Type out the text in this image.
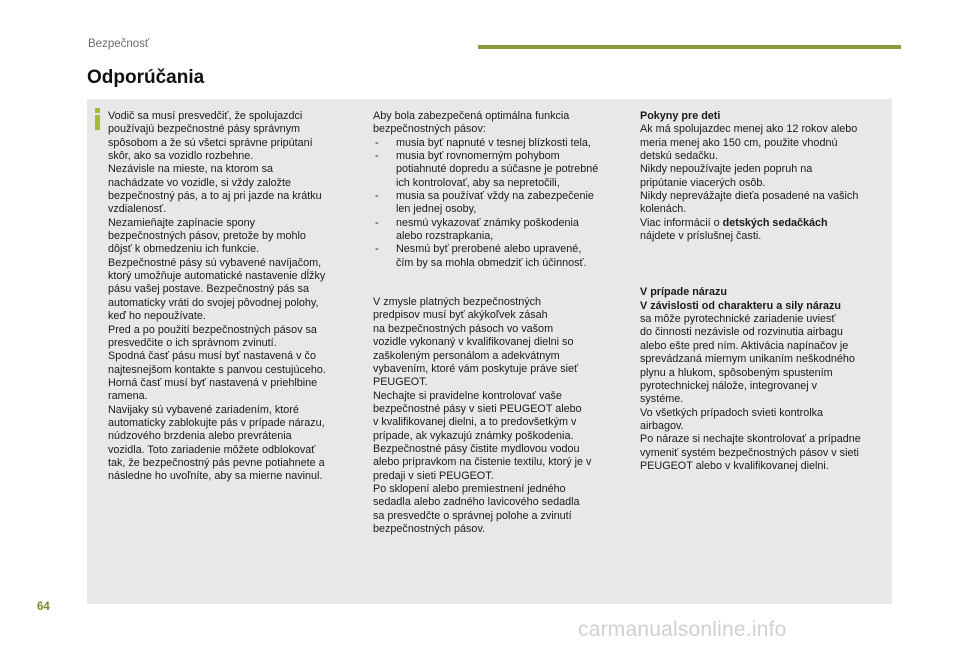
Bezpečnosť
Odporúčania

Vodič sa musí presvedčiť, že spolujazdci
používajú bezpečnostné pásy správnym
spôsobom a že sú všetci správne pripútaní
skôr, ako sa vozidlo rozbehne.
Nezávisle na mieste, na ktorom sa
nachádzate vo vozidle, si vždy založte
bezpečnostný pás, a to aj pri jazde na krátku
vzdialenosť.
Nezamieňajte zapínacie spony
bezpečnostných pásov, pretože by mohlo
dôjsť k obmedzeniu ich funkcie.
Bezpečnostné pásy sú vybavené navíjačom,
ktorý umožňuje automatické nastavenie dĺžky
pásu vašej postave. Bezpečnostný pás sa
automaticky vráti do svojej pôvodnej polohy,
keď ho nepoužívate.
Pred a po použití bezpečnostných pásov sa
presvedčite o ich správnom zvinutí.
Spodná časť pásu musí byť nastavená v čo
najtesnejšom kontakte s panvou cestujúceho.
Horná časť musí byť nastavená v priehlbine
ramena.
Navijaky sú vybavené zariadením, ktoré
automaticky zablokujte pás v prípade nárazu,
núdzového brzdenia alebo prevrátenia
vozidla. Toto zariadenie môžete odblokovať
tak, že bezpečnostný pás pevne potiahnete a
následne ho uvoľníte, aby sa mierne navinul.

Aby bola zabezpečená optimálna funkcia
bezpečnostných pásov:

- musia byť napnuté v tesnej blízkosti tela,
- musia byť rovnomerným pohybom
potiahnuté dopredu a súčasne je potrebné
ich kontrolovať, aby sa nepretočili,
- musia sa používať vždy na zabezpečenie
len jednej osoby,
- nesmú vykazovať známky poškodenia
alebo rozstrapkania,
- Nesmú byť prerobené alebo upravené,
čím by sa mohla obmedziť ich účinnosť.

V zmysle platných bezpečnostných
predpisov musí byť akýkoľvek zásah
na bezpečnostných pásoch vo vašom
vozidle vykonaný v kvalifikovanej dielni so
zaškoleným personálom a adekvátnym
vybavením, ktoré vám poskytuje práve sieť
PEUGEOT.
Nechajte si pravidelne kontrolovať vaše
bezpečnostné pásy v sieti PEUGEOT alebo
v kvalifikovanej dielni, a to predovšetkým v
prípade, ak vykazujú známky poškodenia.
Bezpečnostné pásy čistite mydlovou vodou
alebo prípravkom na čistenie textilu, ktorý je v
predaji v sieti PEUGEOT.
Po sklopení alebo premiestnení jedného
sedadla alebo zadného lavicového sedadla
sa presvedčte o správnej polohe a zvinutí
bezpečnostných pásov.

Pokyny pre deti

Ak má spolujazdec menej ako 12 rokov alebo
meria menej ako 150 cm, použite vhodnú
detskú sedačku.
Nikdy nepoužívajte jeden popruh na
pripútanie viacerých osôb.
Nikdy neprevážajte dieťa posadené na vašich
kolenách.
Viac informácií o detských sedačkách
nájdete v príslušnej časti.

V prípade nárazu

V závislosti od charakteru a sily nárazu

sa môže pyrotechnické zariadenie uviesť
do činnosti nezávisle od rozvinutia airbagu
alebo ešte pred ním. Aktivácia napínačov je
sprevádzaná miernym unikaním neškodného
plynu a hlukom, spôsobeným spustením
pyrotechnickej nálože, integrovanej v
systéme.
Vo všetkých prípadoch svieti kontrolka
airbagov.
Po náraze si nechajte skontrolovať a prípadne
vymeniť systém bezpečnostných pásov v sieti
PEUGEOT alebo v kvalifikovanej dielni.

64
carmanualsonline.info
